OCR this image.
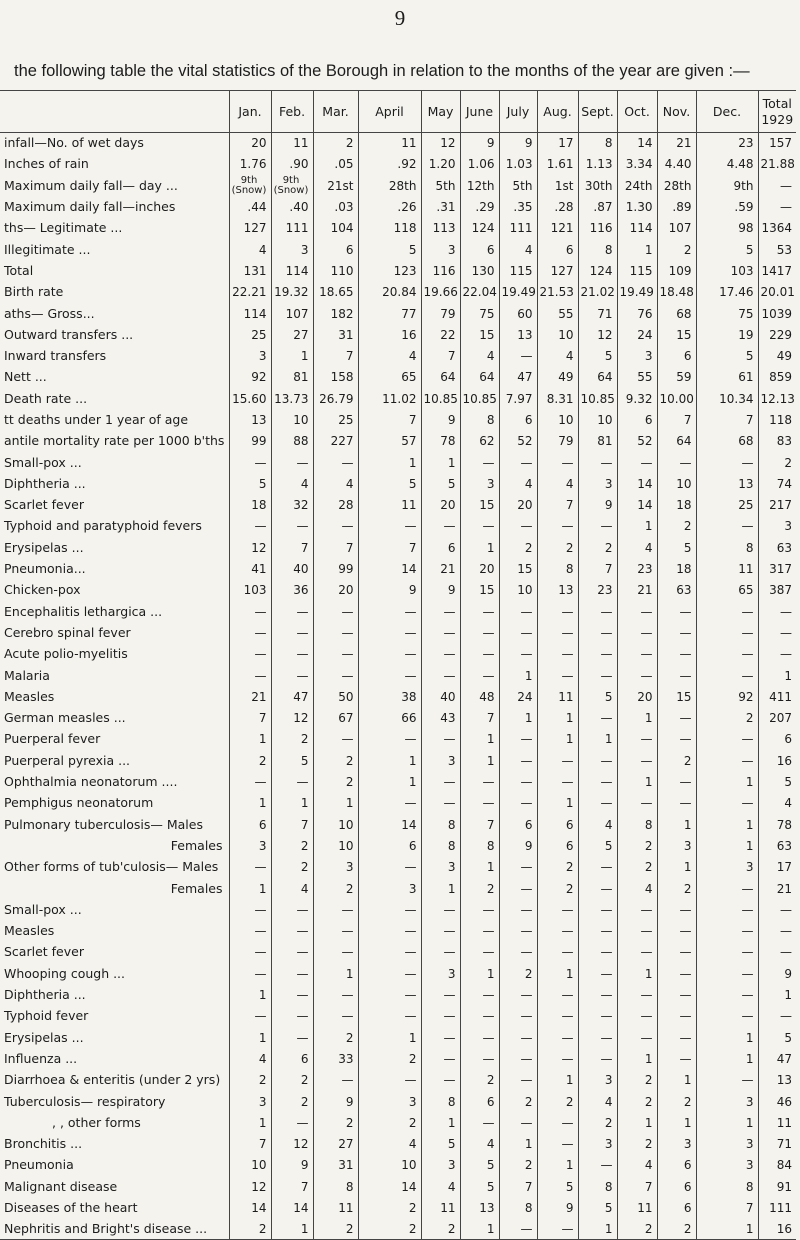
9
the following table the vital statistics of the Borough in relation to the months of the year are given :—
	Jan.	Feb.	Mar.	April	May	June	July	Aug.	Sept.	Oct.	Nov.	Dec.	Total 1929
infall—No. of wet days	20	11	2	11	12	9	9	17	8	14	21	23	157
Inches of rain	1.76	.90	.05	.92	1.20	1.06	1.03	1.61	1.13	3.34	4.40	4.48	21.88
Maximum daily fall— day ...	9th (Snow)	9th (Snow)	21st	28th	5th	12th	5th	1st	30th	24th	28th	9th	—
Maximum daily fall—inches	.44	.40	.03	.26	.31	.29	.35	.28	.87	1.30	.89	.59	—
ths— Legitimate ...	127	111	104	118	113	124	111	121	116	114	107	98	1364
Illegitimate ...	4	3	6	5	3	6	4	6	8	1	2	5	53
Total	131	114	110	123	116	130	115	127	124	115	109	103	1417
Birth rate	22.21	19.32	18.65	20.84	19.66	22.04	19.49	21.53	21.02	19.49	18.48	17.46	20.01
aths— Gross...	114	107	182	77	79	75	60	55	71	76	68	75	1039
Outward transfers ...	25	27	31	16	22	15	13	10	12	24	15	19	229
Inward transfers	3	1	7	4	7	4	—	4	5	3	6	5	49
Nett ...	92	81	158	65	64	64	47	49	64	55	59	61	859
Death rate ...	15.60	13.73	26.79	11.02	10.85	10.85	7.97	8.31	10.85	9.32	10.00	10.34	12.13
tt deaths under 1 year of age	13	10	25	7	9	8	6	10	10	6	7	7	118
antile mortality rate per 1000 b'ths	99	88	227	57	78	62	52	79	81	52	64	68	83
Small-pox ...	—	—	—	1	1	—	—	—	—	—	—	—	2
Diphtheria ...	5	4	4	5	5	3	4	4	3	14	10	13	74
Scarlet fever	18	32	28	11	20	15	20	7	9	14	18	25	217
Typhoid and paratyphoid fevers	—	—	—	—	—	—	—	—	—	1	2	—	3
Erysipelas ...	12	7	7	7	6	1	2	2	2	4	5	8	63
Pneumonia...	41	40	99	14	21	20	15	8	7	23	18	11	317
Chicken-pox	103	36	20	9	9	15	10	13	23	21	63	65	387
Encephalitis lethargica ...	—	—	—	—	—	—	—	—	—	—	—	—	—
Cerebro spinal fever	—	—	—	—	—	—	—	—	—	—	—	—	—
Acute polio-myelitis	—	—	—	—	—	—	—	—	—	—	—	—	—
Malaria	—	—	—	—	—	—	1	—	—	—	—	—	1
Measles	21	47	50	38	40	48	24	11	5	20	15	92	411
German measles ...	7	12	67	66	43	7	1	1	—	1	—	2	207
Puerperal fever	1	2	—	—	—	1	—	1	1	—	—	—	6
Puerperal pyrexia ...	2	5	2	1	3	1	—	—	—	—	2	—	16
Ophthalmia neonatorum ....	—	—	2	1	—	—	—	—	—	1	—	1	5
Pemphigus neonatorum	1	1	1	—	—	—	—	1	—	—	—	—	4
Pulmonary tuberculosis— Males	6	7	10	14	8	7	6	6	4	8	1	1	78
Females	3	2	10	6	8	8	9	6	5	2	3	1	63
Other forms of tub'culosis— Males	—	2	3	—	3	1	—	2	—	2	1	3	17
Females	1	4	2	3	1	2	—	2	—	4	2	—	21
Small-pox ...	—	—	—	—	—	—	—	—	—	—	—	—	—
Measles	—	—	—	—	—	—	—	—	—	—	—	—	—
Scarlet fever	—	—	—	—	—	—	—	—	—	—	—	—	—
Whooping cough ...	—	—	1	—	3	1	2	1	—	1	—	—	9
Diphtheria ...	1	—	—	—	—	—	—	—	—	—	—	—	1
Typhoid fever	—	—	—	—	—	—	—	—	—	—	—	—	—
Erysipelas ...	1	—	2	1	—	—	—	—	—	—	—	1	5
Influenza ...	4	6	33	2	—	—	—	—	—	1	—	1	47
Diarrhoea & enteritis (under 2 yrs)	2	2	—	—	—	2	—	1	3	2	1	—	13
Tuberculosis— respiratory	3	2	9	3	8	6	2	2	4	2	2	3	46
, , other forms	1	—	2	2	1	—	—	—	2	1	1	1	11
Bronchitis ...	7	12	27	4	5	4	1	—	3	2	3	3	71
Pneumonia	10	9	31	10	3	5	2	1	—	4	6	3	84
Malignant disease	12	7	8	14	4	5	7	5	8	7	6	8	91
Diseases of the heart	14	14	11	2	11	13	8	9	5	11	6	7	111
Nephritis and Bright's disease ...	2	1	2	2	2	1	—	—	1	2	2	1	16
